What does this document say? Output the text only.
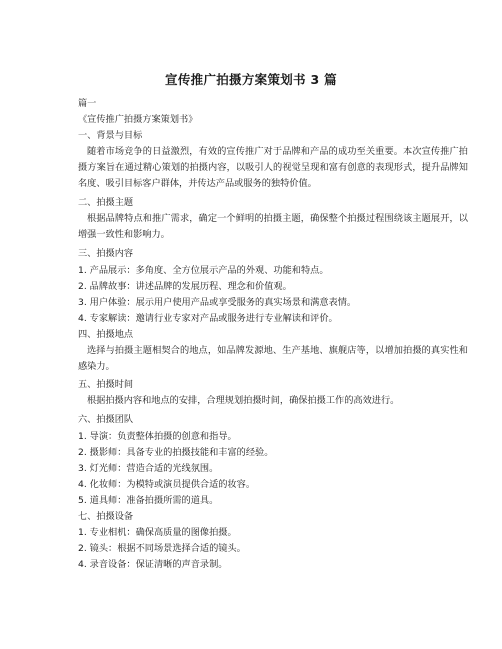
宣传推广拍摄方案策划书 3 篇
篇一
《宣传推广拍摄方案策划书》
一、背景与目标
随着市场竞争的日益激烈，有效的宣传推广对于品牌和产品的成功至关重要。本次宣传推广拍摄方案旨在通过精心策划的拍摄内容，以吸引人的视觉呈现和富有创意的表现形式，提升品牌知名度、吸引目标客户群体，并传达产品或服务的独特价值。
二、拍摄主题
根据品牌特点和推广需求，确定一个鲜明的拍摄主题，确保整个拍摄过程围绕该主题展开，以增强一致性和影响力。
三、拍摄内容
1. 产品展示：多角度、全方位展示产品的外观、功能和特点。
2. 品牌故事：讲述品牌的发展历程、理念和价值观。
3. 用户体验：展示用户使用产品或享受服务的真实场景和满意表情。
4. 专家解读：邀请行业专家对产品或服务进行专业解读和评价。
四、拍摄地点
选择与拍摄主题相契合的地点，如品牌发源地、生产基地、旗舰店等，以增加拍摄的真实性和感染力。
五、拍摄时间
根据拍摄内容和地点的安排，合理规划拍摄时间，确保拍摄工作的高效进行。
六、拍摄团队
1. 导演：负责整体拍摄的创意和指导。
2. 摄影师：具备专业的拍摄技能和丰富的经验。
3. 灯光师：营造合适的光线氛围。
4. 化妆师：为模特或演员提供合适的妆容。
5. 道具师：准备拍摄所需的道具。
七、拍摄设备
1. 专业相机：确保高质量的图像拍摄。
2. 镜头：根据不同场景选择合适的镜头。
4. 录音设备：保证清晰的声音录制。
